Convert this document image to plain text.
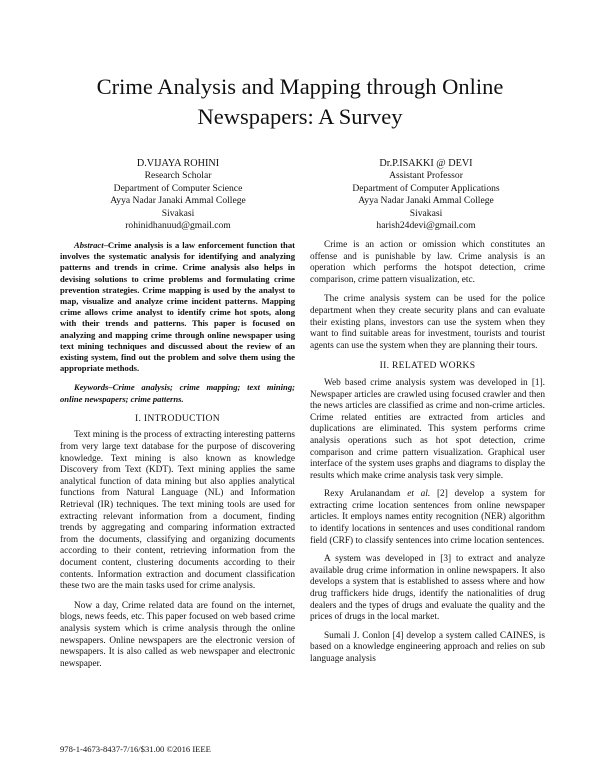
Crime Analysis and Mapping through Online
Newspapers: A Survey
D.VIJAYA ROHINI
Research Scholar
Department of Computer Science
Ayya Nadar Janaki Ammal College
Sivakasi
rohinidhanuud@gmail.com
Dr.P.ISAKKI @ DEVI
Assistant Professor
Department of Computer Applications
Ayya Nadar Janaki Ammal College
Sivakasi
harish24devi@gmail.com

Abstract–Crime analysis is a law enforcement function that involves the systematic analysis for identifying and analyzing patterns and trends in crime. Crime analysis also helps in devising solutions to crime problems and formulating crime prevention strategies. Crime mapping is used by the analyst to map, visualize and analyze crime incident patterns. Mapping crime allows crime analyst to identify crime hot spots, along with their trends and patterns. This paper is focused on analyzing and mapping crime through online newspaper using text mining techniques and discussed about the review of an existing system, find out the problem and solve them using the appropriate methods.

Keywords–Crime analysis; crime mapping; text mining; online newspapers; crime patterns.

I. INTRODUCTION

Text mining is the process of extracting interesting patterns from very large text database for the purpose of discovering knowledge. Text mining is also known as knowledge Discovery from Text (KDT). Text mining applies the same analytical function of data mining but also applies analytical functions from Natural Language (NL) and Information Retrieval (IR) techniques. The text mining tools are used for extracting relevant information from a document, finding trends by aggregating and comparing information extracted from the documents, classifying and organizing documents according to their content, retrieving information from the document content, clustering documents according to their contents. Information extraction and document classification these two are the main tasks used for crime analysis.

Now a day, Crime related data are found on the internet, blogs, news feeds, etc. This paper focused on web based crime analysis system which is crime analysis through the online newspapers. Online newspapers are the electronic version of newspapers. It is also called as web newspaper and electronic newspaper.

Crime is an action or omission which constitutes an offense and is punishable by law. Crime analysis is an operation which performs the hotspot detection, crime comparison, crime pattern visualization, etc.

The crime analysis system can be used for the police department when they create security plans and can evaluate their existing plans, investors can use the system when they want to find suitable areas for investment, tourists and tourist agents can use the system when they are planning their tours.

II. RELATED WORKS

Web based crime analysis system was developed in [1]. Newspaper articles are crawled using focused crawler and then the news articles are classified as crime and non-crime articles. Crime related entities are extracted from articles and duplications are eliminated. This system performs crime analysis operations such as hot spot detection, crime comparison and crime pattern visualization. Graphical user interface of the system uses graphs and diagrams to display the results which make crime analysis task very simple.

Rexy Arulanandam et al. [2] develop a system for extracting crime location sentences from online newspaper articles. It employs names entity recognition (NER) algorithm to identify locations in sentences and uses conditional random field (CRF) to classify sentences into crime location sentences.

A system was developed in [3] to extract and analyze available drug crime information in online newspapers. It also develops a system that is established to assess where and how drug traffickers hide drugs, identify the nationalities of drug dealers and the types of drugs and evaluate the quality and the prices of drugs in the local market.

Sumali J. Conlon [4] develop a system called CAINES, is based on a knowledge engineering approach and relies on sub language analysis

978-1-4673-8437-7/16/$31.00 ©2016 IEEE
